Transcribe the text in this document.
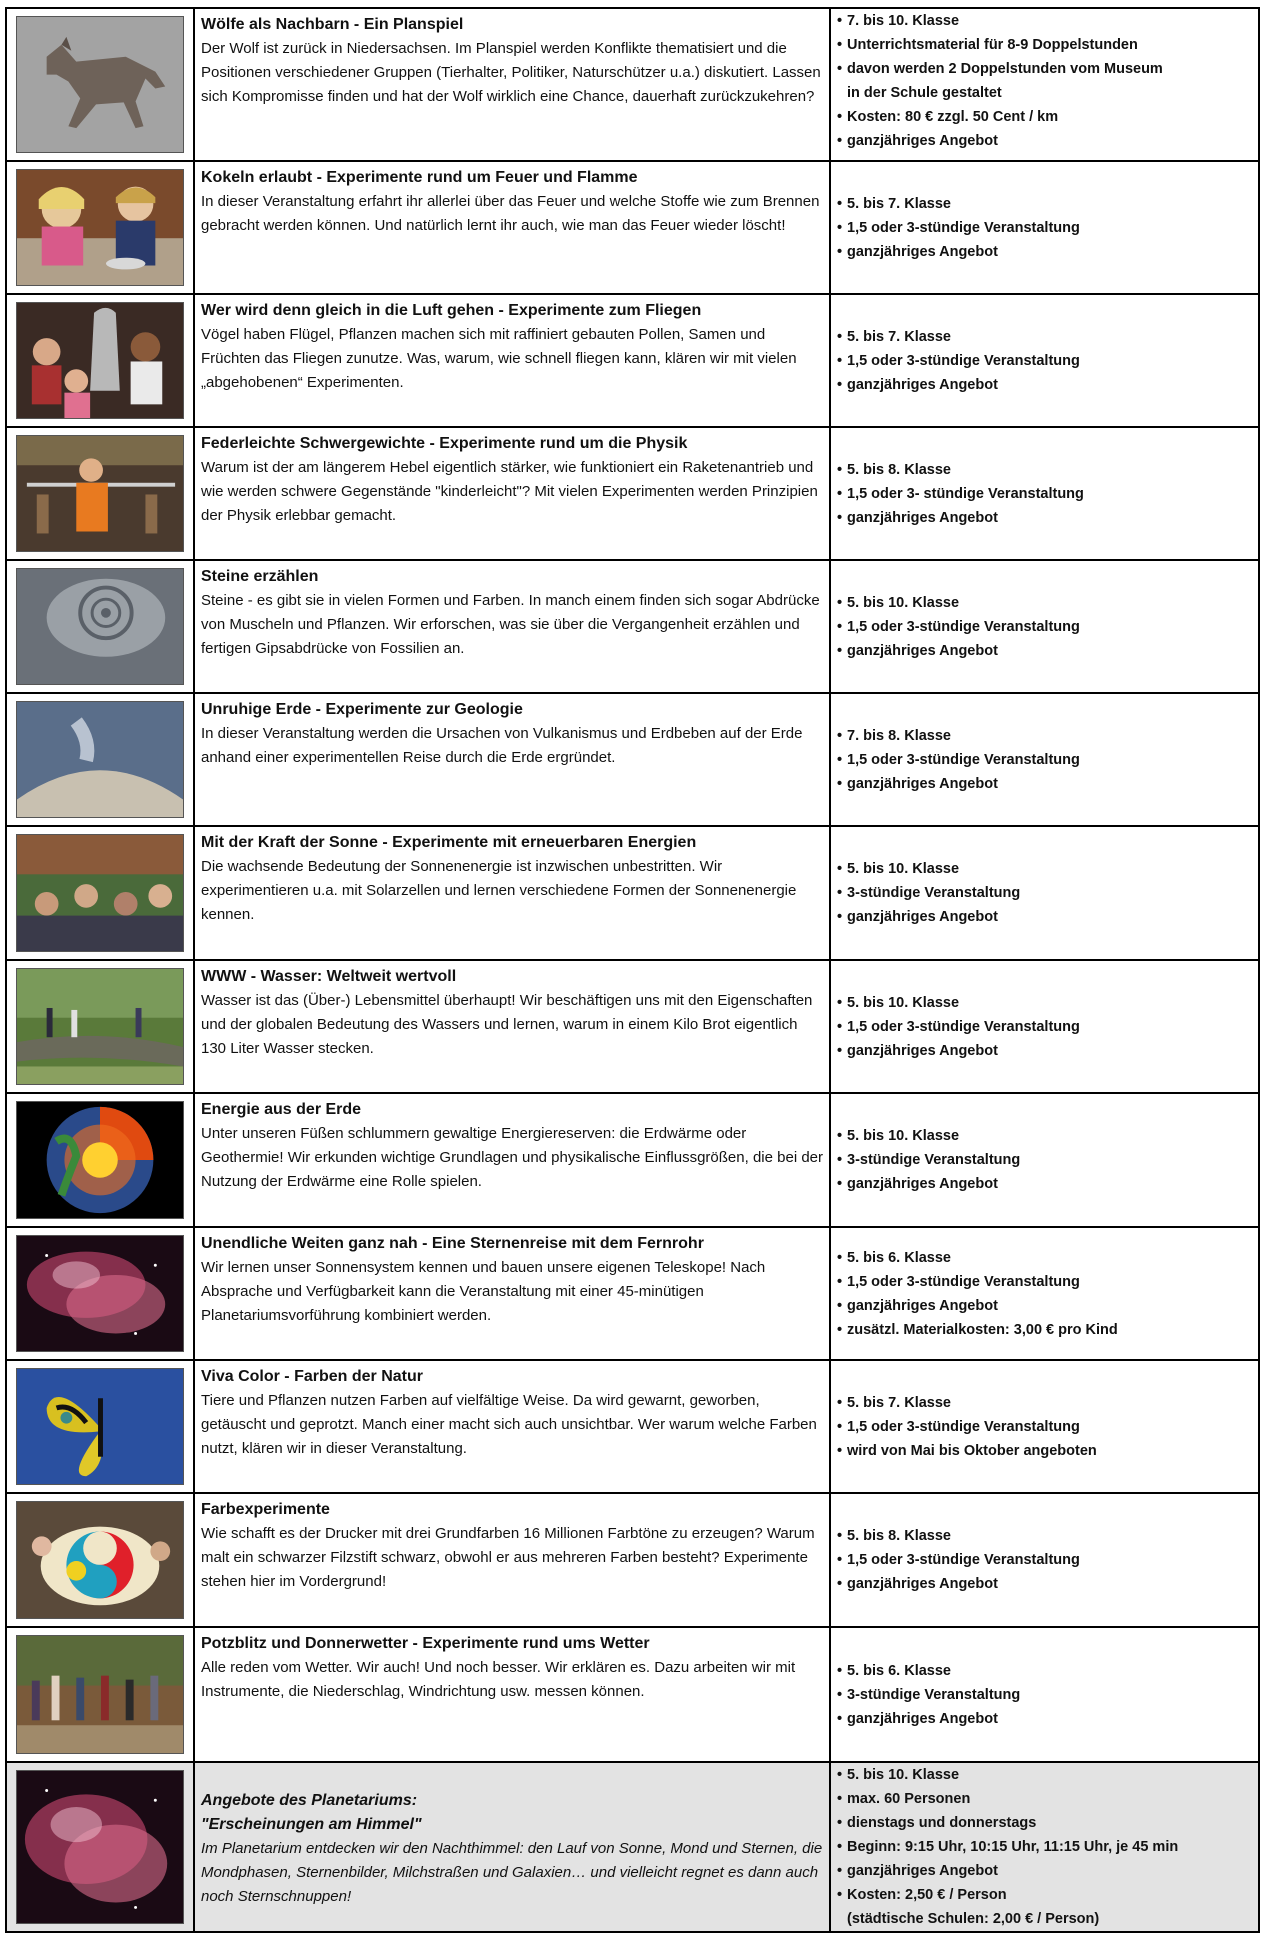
Wölfe als Nachbarn - Ein Planspiel
Der Wolf ist zurück in Niedersachsen. Im Planspiel werden Konflikte thematisiert und die Positionen verschiedener Gruppen (Tierhalter, Politiker, Naturschützer u.a.) diskutiert. Lassen sich Kompromisse finden und hat der Wolf wirklich eine Chance, dauerhaft zurückzukehren?
• 7. bis 10. Klasse
• Unterrichtsmaterial für 8-9 Doppelstunden
• davon werden 2 Doppelstunden vom Museum
in der Schule gestaltet
• Kosten: 80 € zzgl. 50 Cent / km
• ganzjähriges Angebot
Kokeln erlaubt - Experimente rund um Feuer und Flamme
In dieser Veranstaltung erfahrt ihr allerlei über das Feuer und welche Stoffe wie zum Brennen gebracht werden können. Und natürlich lernt ihr auch, wie man das Feuer wieder löscht!
• 5. bis 7. Klasse
• 1,5 oder 3-stündige Veranstaltung
• ganzjähriges Angebot
Wer wird denn gleich in die Luft gehen - Experimente zum Fliegen
Vögel haben Flügel, Pflanzen machen sich mit raffiniert gebauten Pollen, Samen und Früchten das Fliegen zunutze. Was, warum, wie schnell fliegen kann, klären wir mit vielen „abgehobenen“ Experimenten.
• 5. bis 7. Klasse
• 1,5 oder 3-stündige Veranstaltung
• ganzjähriges Angebot
Federleichte Schwergewichte - Experimente rund um die Physik
Warum ist der am längerem Hebel eigentlich stärker, wie funktioniert ein Raketenantrieb und wie werden schwere Gegenstände "kinderleicht"? Mit vielen Experimenten werden Prinzipien der Physik erlebbar gemacht.
• 5. bis 8. Klasse
• 1,5 oder 3- stündige Veranstaltung
• ganzjähriges Angebot
Steine erzählen
Steine - es gibt sie in vielen Formen und Farben. In manch einem finden sich sogar Abdrücke von Muscheln und Pflanzen. Wir erforschen, was sie über die Vergangenheit erzählen und fertigen Gipsabdrücke von Fossilien an.
• 5. bis 10. Klasse
• 1,5 oder 3-stündige Veranstaltung
• ganzjähriges Angebot
Unruhige Erde - Experimente zur Geologie
In dieser Veranstaltung werden die Ursachen von Vulkanismus und Erdbeben auf der Erde anhand einer experimentellen Reise durch die Erde ergründet.
• 7. bis 8. Klasse
• 1,5 oder 3-stündige Veranstaltung
• ganzjähriges Angebot
Mit der Kraft der Sonne - Experimente mit erneuerbaren Energien
Die wachsende Bedeutung der Sonnenenergie ist inzwischen unbestritten. Wir experimentieren u.a. mit Solarzellen und lernen verschiedene Formen der Sonnenenergie kennen.
• 5. bis 10. Klasse
• 3-stündige Veranstaltung
• ganzjähriges Angebot
WWW - Wasser: Weltweit wertvoll
Wasser ist das (Über-) Lebensmittel überhaupt! Wir beschäftigen uns mit den Eigenschaften und der globalen Bedeutung des Wassers und lernen, warum in einem Kilo Brot eigentlich 130 Liter Wasser stecken.
• 5. bis 10. Klasse
• 1,5 oder 3-stündige Veranstaltung
• ganzjähriges Angebot
Energie aus der Erde
Unter unseren Füßen schlummern gewaltige Energiereserven: die Erdwärme oder Geothermie! Wir erkunden wichtige Grundlagen und physikalische Einflussgrößen, die bei der Nutzung der Erdwärme eine Rolle spielen.
• 5. bis 10. Klasse
• 3-stündige Veranstaltung
• ganzjähriges Angebot
Unendliche Weiten ganz nah - Eine Sternenreise mit dem Fernrohr
Wir lernen unser Sonnensystem kennen und bauen unsere eigenen Teleskope! Nach Absprache und Verfügbarkeit kann die Veranstaltung mit einer 45-minütigen Planetariumsvorführung kombiniert werden.
• 5. bis 6. Klasse
• 1,5 oder 3-stündige Veranstaltung
• ganzjähriges Angebot
• zusätzl. Materialkosten: 3,00 € pro Kind
Viva Color - Farben der Natur
Tiere und Pflanzen nutzen Farben auf vielfältige Weise. Da wird gewarnt, geworben, getäuscht und geprotzt. Manch einer macht sich auch unsichtbar. Wer warum welche Farben nutzt, klären wir in dieser Veranstaltung.
• 5. bis 7. Klasse
• 1,5 oder 3-stündige Veranstaltung
• wird von Mai bis Oktober angeboten
Farbexperimente
Wie schafft es der Drucker mit drei Grundfarben 16 Millionen Farbtöne zu erzeugen? Warum malt ein schwarzer Filzstift schwarz, obwohl er aus mehreren Farben besteht? Experimente stehen hier im Vordergrund!
• 5. bis 8. Klasse
• 1,5 oder 3-stündige Veranstaltung
• ganzjähriges Angebot
Potzblitz und Donnerwetter - Experimente rund ums Wetter
Alle reden vom Wetter. Wir auch! Und noch besser. Wir erklären es. Dazu arbeiten wir mit Instrumente, die Niederschlag, Windrichtung usw. messen können.
• 5. bis 6. Klasse
• 3-stündige Veranstaltung
• ganzjähriges Angebot
Angebote des Planetariums:
"Erscheinungen am Himmel"
Im Planetarium entdecken wir den Nachthimmel: den Lauf von Sonne, Mond und Sternen, die Mondphasen, Sternenbilder, Milchstraßen und Galaxien… und vielleicht regnet es dann auch noch Sternschnuppen!
• 5. bis 10. Klasse
• max. 60 Personen
• dienstags und donnerstags
• Beginn: 9:15 Uhr, 10:15 Uhr, 11:15 Uhr, je 45 min
• ganzjähriges Angebot
• Kosten: 2,50 € / Person
(städtische Schulen: 2,00 € / Person)
